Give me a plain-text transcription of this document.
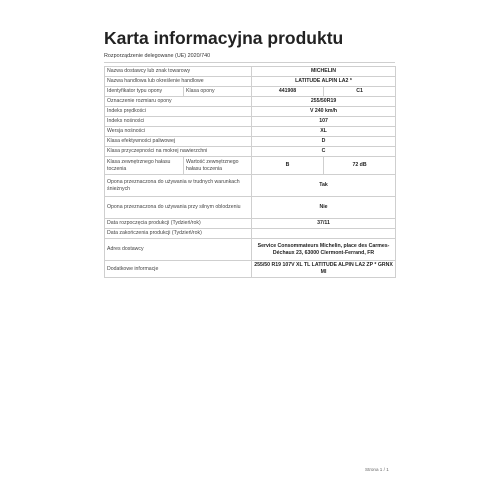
Karta informacyjna produktu
Rozporządzenie delegowane (UE) 2020/740
Nazwa dostawcy lub znak towarowy		MICHELIN	
Nazwa handlowa lub określenie handlowe		LATITUDE ALPIN LA2 *	
Identyfikator typu opony	Klasa opony	441908	C1
Oznaczenie rozmiaru opony		255/50R19	
Indeks prędkości		V 240 km/h	
Indeks nośności		107	
Wersja nośności		XL	
Klasa efektywności paliwowej		D	
Klasa przyczepności na mokrej nawierzchni		C	
Klasa zewnętrznego hałasu toczenia	Wartość zewnętrznego hałasu toczenia	B	72 dB
Opona przeznaczona do używania w trudnych warunkach śnieżnych		Tak	
Opona przeznaczona do używania przy silnym oblodzeniu		Nie	
Data rozpoczęcia produkcji (Tydzień/rok)		37/11	
Data zakończenia produkcji (Tydzień/rok)			
Adres dostawcy		Service Consommateurs Michelin, place des Carmes-Déchaux 23, 63000 Clermont-Ferrand, FR	
Dodatkowe informacje		255/50 R19 107V XL TL LATITUDE ALPIN LA2 ZP * GRNX MI	
Strona 1 / 1
